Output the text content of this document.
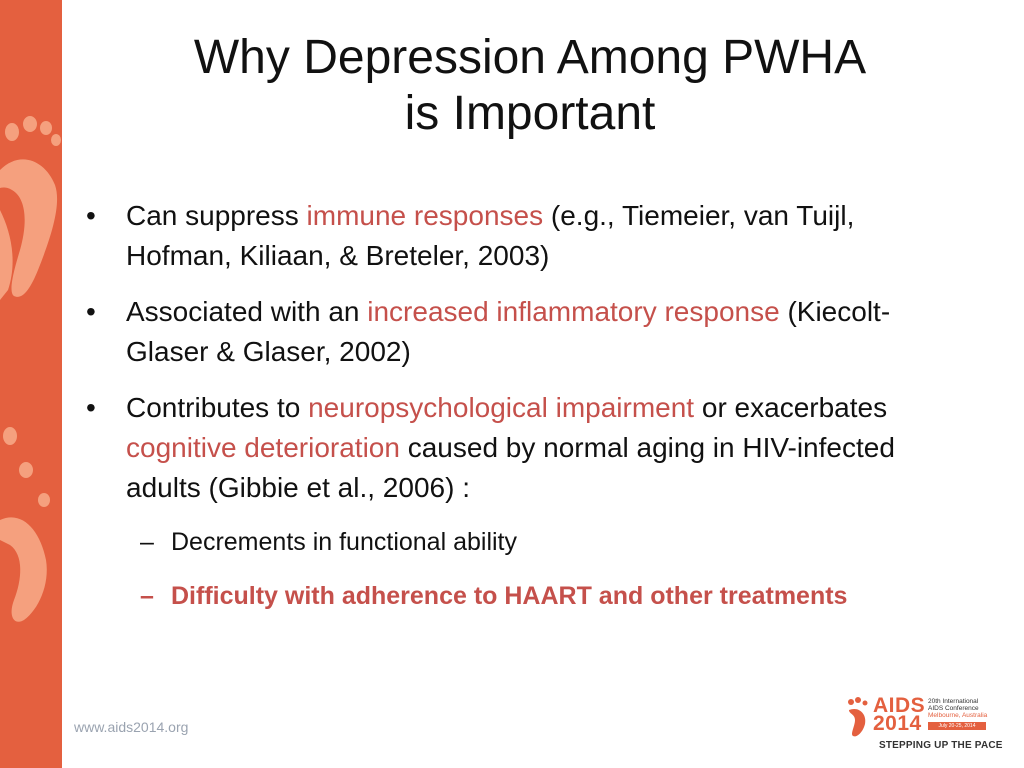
Why Depression Among PWHA
is Important
• Can suppress immune responses (e.g., Tiemeier, van Tuijl, Hofman, Kiliaan, & Breteler, 2003)
• Associated with an increased inflammatory response (Kiecolt-Glaser & Glaser, 2002)
• Contributes to neuropsychological impairment or exacerbates cognitive deterioration caused by normal aging in HIV-infected adults (Gibbie et al., 2006) :
– Decrements in functional ability
– Difficulty with adherence to HAART and other treatments
www.aids2014.org
AIDS
2014
20th International
AIDS Conference
Melbourne, Australia
July 20-25, 2014
STEPPING UP THE PACE
